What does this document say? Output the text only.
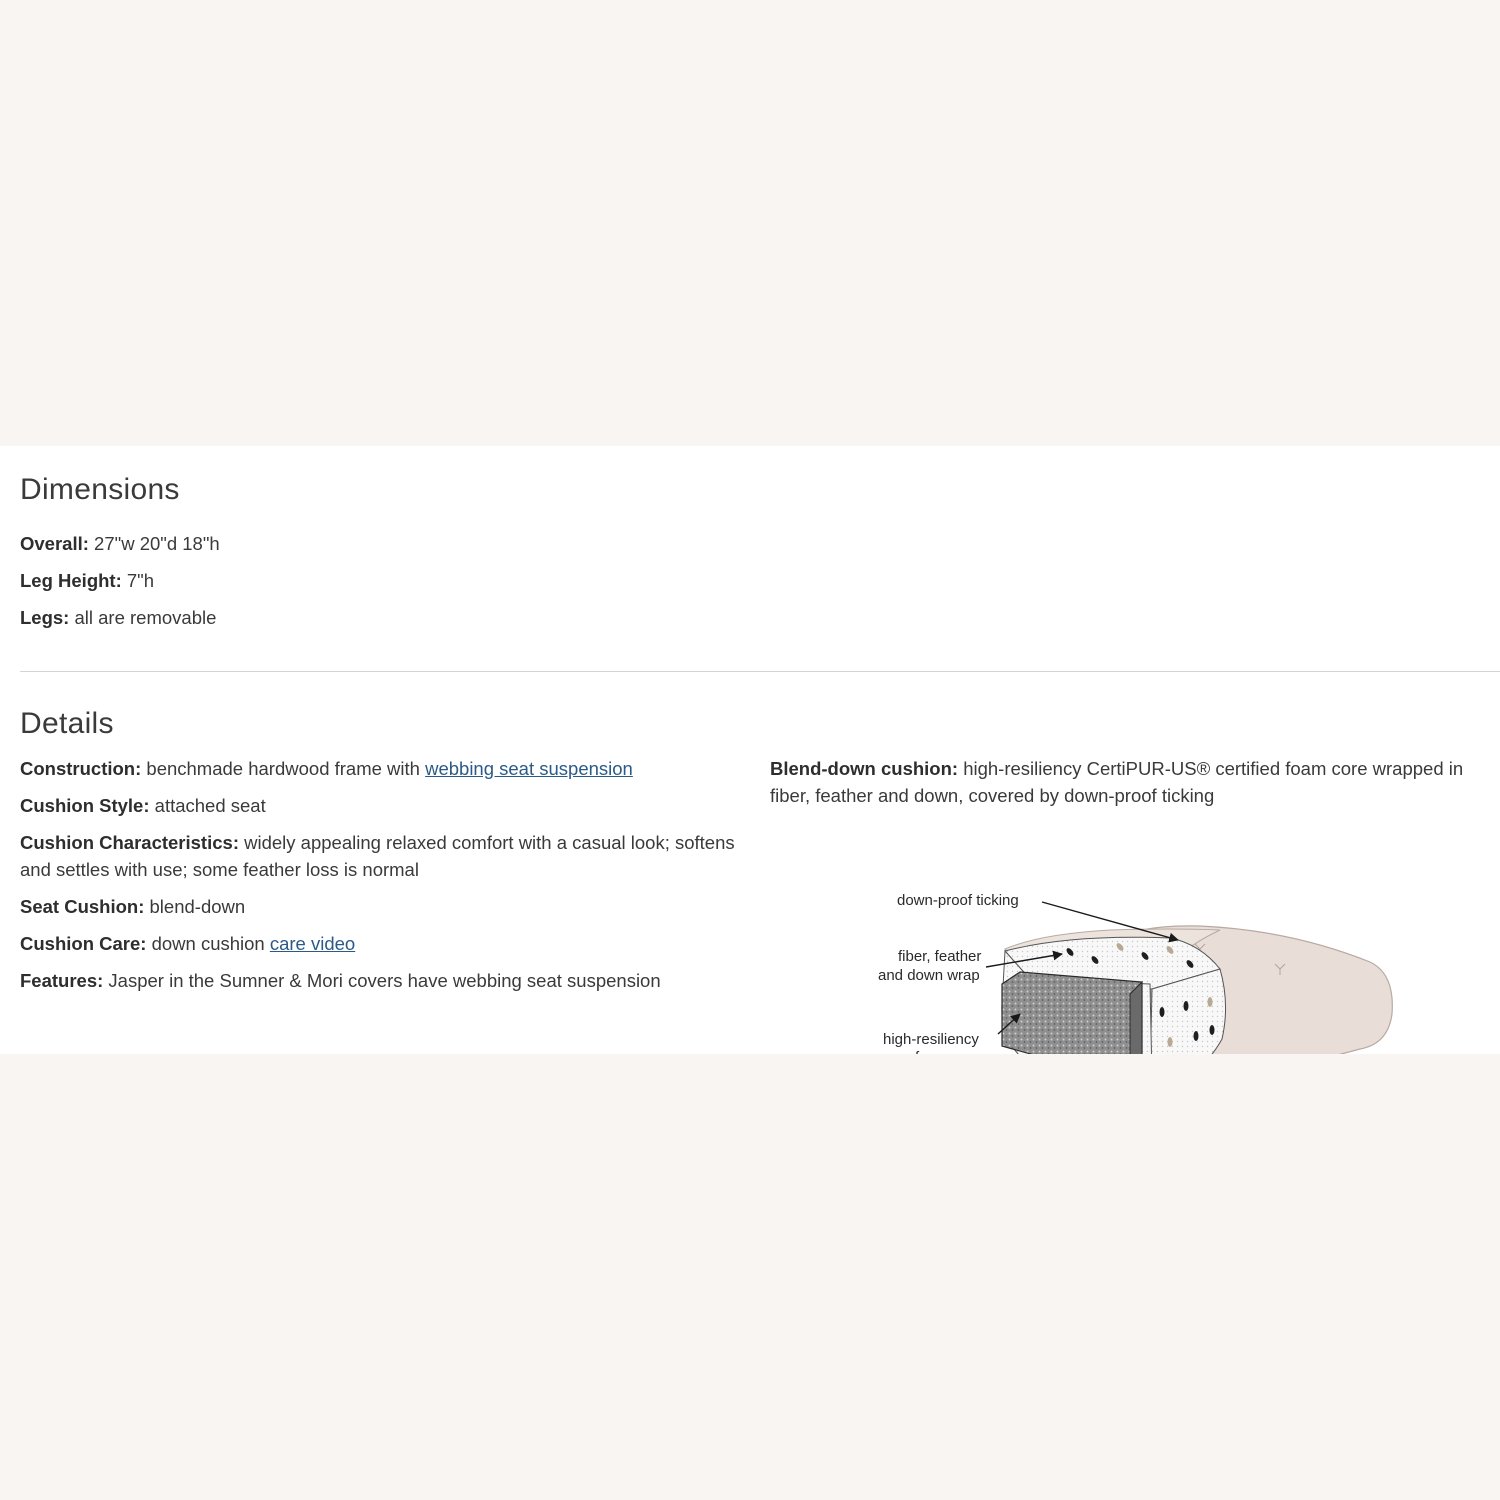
Dimensions
Overall: 27"w 20"d 18"h
Leg Height: 7"h
Legs: all are removable
Details
Construction: benchmade hardwood frame with webbing seat suspension
Cushion Style: attached seat
Cushion Characteristics: widely appealing relaxed comfort with a casual look; softens and settles with use; some feather loss is normal
Seat Cushion: blend-down
Cushion Care: down cushion care video
Features: Jasper in the Sumner & Mori covers have webbing seat suspension
Blend-down cushion: high-resiliency CertiPUR-US® certified foam core wrapped in fiber, feather and down, covered by down-proof ticking
down-proof ticking
fiber, feather
and down wrap
high-resiliency
